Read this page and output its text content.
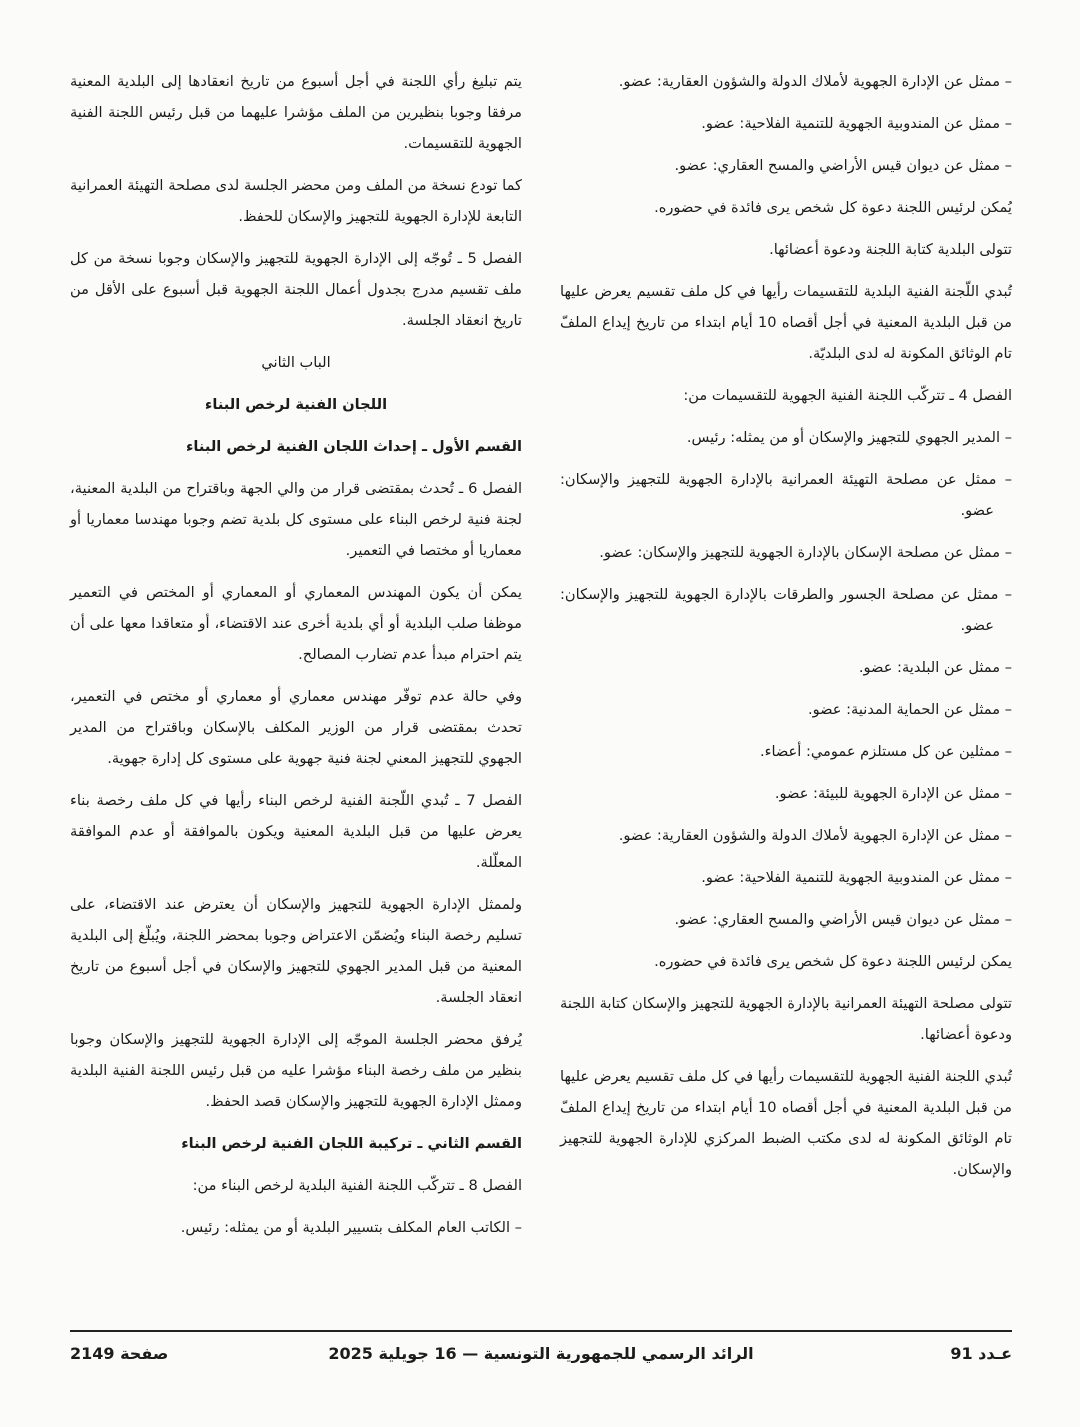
– ممثل عن الإدارة الجهوية لأملاك الدولة والشؤون العقارية: عضو.

– ممثل عن المندوبية الجهوية للتنمية الفلاحية: عضو.

– ممثل عن ديوان قيس الأراضي والمسح العقاري: عضو.

يُمكن لرئيس اللجنة دعوة كل شخص يرى فائدة في حضوره.

تتولى البلدية كتابة اللجنة ودعوة أعضائها.

تُبدي اللّجنة الفنية البلدية للتقسيمات رأيها في كل ملف تقسيم يعرض عليها من قبل البلدية المعنية في أجل أقصاه 10 أيام ابتداء من تاريخ إيداع الملفّ تام الوثائق المكونة له لدى البلديّة.

الفصل 4 ـ تتركّب اللجنة الفنية الجهوية للتقسيمات من:

– المدير الجهوي للتجهيز والإسكان أو من يمثله: رئيس.

– ممثل عن مصلحة التهيئة العمرانية بالإدارة الجهوية للتجهيز والإسكان: عضو.

– ممثل عن مصلحة الإسكان بالإدارة الجهوية للتجهيز والإسكان: عضو.

– ممثل عن مصلحة الجسور والطرقات بالإدارة الجهوية للتجهيز والإسكان: عضو.

– ممثل عن البلدية: عضو.

– ممثل عن الحماية المدنية: عضو.

– ممثلين عن كل مستلزم عمومي: أعضاء.

– ممثل عن الإدارة الجهوية للبيئة: عضو.

– ممثل عن الإدارة الجهوية لأملاك الدولة والشؤون العقارية: عضو.

– ممثل عن المندوبية الجهوية للتنمية الفلاحية: عضو.

– ممثل عن ديوان قيس الأراضي والمسح العقاري: عضو.

يمكن لرئيس اللجنة دعوة كل شخص يرى فائدة في حضوره.

تتولى مصلحة التهيئة العمرانية بالإدارة الجهوية للتجهيز والإسكان كتابة اللجنة ودعوة أعضائها.

تُبدي اللجنة الفنية الجهوية للتقسيمات رأيها في كل ملف تقسيم يعرض عليها من قبل البلدية المعنية في أجل أقصاه 10 أيام ابتداء من تاريخ إيداع الملفّ تام الوثائق المكونة له لدى مكتب الضبط المركزي للإدارة الجهوية للتجهيز والإسكان.

يتم تبليغ رأي اللجنة في أجل أسبوع من تاريخ انعقادها إلى البلدية المعنية مرفقا وجوبا بنظيرين من الملف مؤشرا عليهما من قبل رئيس اللجنة الفنية الجهوية للتقسيمات.

كما تودع نسخة من الملف ومن محضر الجلسة لدى مصلحة التهيئة العمرانية التابعة للإدارة الجهوية للتجهيز والإسكان للحفظ.

الفصل 5 ـ تُوجّه إلى الإدارة الجهوية للتجهيز والإسكان وجوبا نسخة من كل ملف تقسيم مدرج بجدول أعمال اللجنة الجهوية قبل أسبوع على الأقل من تاريخ انعقاد الجلسة.

الباب الثاني

اللجان الفنية لرخص البناء

القسم الأول ـ إحداث اللجان الفنية لرخص البناء

الفصل 6 ـ تُحدث بمقتضى قرار من والي الجهة وباقتراح من البلدية المعنية، لجنة فنية لرخص البناء على مستوى كل بلدية تضم وجوبا مهندسا معماريا أو معماريا أو مختصا في التعمير.

يمكن أن يكون المهندس المعماري أو المعماري أو المختص في التعمير موظفا صلب البلدية أو أي بلدية أخرى عند الاقتضاء، أو متعاقدا معها على أن يتم احترام مبدأ عدم تضارب المصالح.

وفي حالة عدم توفّر مهندس معماري أو معماري أو مختص في التعمير، تحدث بمقتضى قرار من الوزير المكلف بالإسكان وباقتراح من المدير الجهوي للتجهيز المعني لجنة فنية جهوية على مستوى كل إدارة جهوية.

الفصل 7 ـ تُبدي اللّجنة الفنية لرخص البناء رأيها في كل ملف رخصة بناء يعرض عليها من قبل البلدية المعنية ويكون بالموافقة أو عدم الموافقة المعلّلة.

ولممثل الإدارة الجهوية للتجهيز والإسكان أن يعترض عند الاقتضاء، على تسليم رخصة البناء ويُضمّن الاعتراض وجوبا بمحضر اللجنة، ويُبلّغ إلى البلدية المعنية من قبل المدير الجهوي للتجهيز والإسكان في أجل أسبوع من تاريخ انعقاد الجلسة.

يُرفق محضر الجلسة الموجّه إلى الإدارة الجهوية للتجهيز والإسكان وجوبا بنظير من ملف رخصة البناء مؤشرا عليه من قبل رئيس اللجنة الفنية البلدية وممثل الإدارة الجهوية للتجهيز والإسكان قصد الحفظ.

القسم الثاني ـ تركيبة اللجان الفنية لرخص البناء

الفصل 8 ـ تتركّب اللجنة الفنية البلدية لرخص البناء من:

– الكاتب العام المكلف بتسيير البلدية أو من يمثله: رئيس.

عـدد 91
الرائد الرسمي للجمهورية التونسية — 16 جويلية 2025
صفحة 2149
